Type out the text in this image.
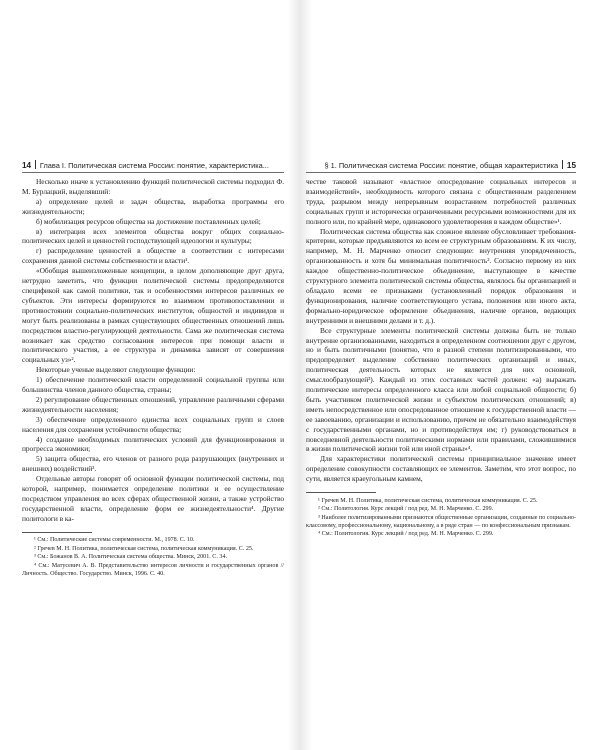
14 Глава I. Политическая система России: понятие, характеристика...

Несколько иначе к установлению функций политической системы подходил Ф. М. Бурлацкий, выделявший:

а) определение целей и задач общества, выработка программы его жизнедеятельности;

б) мобилизация ресурсов общества на достижение поставленных целей;

в) интеграция всех элементов общества вокруг общих социально-политических целей и ценностей господствующей идеологии и культуры;

г) распределение ценностей в обществе в соответствии с интересами сохранения данной системы собственности и власти¹.

«Обобщая вышеизложенные концепции, в целом дополняющие друг друга, нетрудно заметить, что функции политической системы предопределяются спецификой как самой политики, так и особенностями интересов различных ее субъектов. Эти интересы формируются во взаимном противопоставлении и противостоянии социально-политических институтов, общностей и индивидов и могут быть реализованы в рамках существующих общественных отношений лишь посредством властно-регулирующей деятельности. Сама же политическая система возникает как средство согласования интересов при помощи власти и политического участия, а ее структура и динамика зависят от совершения социальных уз»².

Некоторые ученые выделяют следующие функции:

1) обеспечение политической власти определенной социальной группы или большинства членов данного общества, страны;

2) регулирование общественных отношений, управление различными сферами жизнедеятельности населения;

3) обеспечение определенного единства всех социальных групп и слоев населения для сохранения устойчивости общества;

4) создание необходимых политических условий для функционирования и прогресса экономики;

5) защита общества, его членов от разного рода разрушающих (внутренних и внешних) воздействий³.

Отдельные авторы говорят об основной функции политической системы, под которой, например, понимается определение политики и ее осуществление посредством управления во всех сферах общественной жизни, а также устройство государственной власти, определение форм ее жизнедеятельности⁴. Другие политологи в ка-

¹ См.: Политические системы современности. М., 1978. С. 10.

² Гречев М. Н. Политика, политическая система, политическая коммуникация. С. 25.

³ См.: Божанов В. А. Политическая система общества. Минск, 2001. С. 34.

⁴ См.: Матусевич А. В. Представительство интересов личности и государственных органов // Личность. Общество. Государство. Минск, 1996. С. 40.

§ 1. Политическая система России: понятие, общая характеристика 15

честве таковой называют «властное опосредование социальных интересов и взаимодействий», необходимость которого связана с общественным разделением труда, разрывом между непрерывным возрастанием потребностей различных социальных групп и исторически ограниченными ресурсными возможностями для их полного или, по крайней мере, одинакового удовлетворения в каждом обществе»¹.

Политическая система общества как сложное явление обусловливает требования-критерии, которые предъявляются ко всем ее структурным образованиям. К их числу, например, М. Н. Марченко относит следующие: внутренняя упорядоченность, организованность и хотя бы минимальная политичность². Согласно первому из них каждое общественно-политическое объединение, выступающее в качестве структурного элемента политической системы общества, являлось бы организацией и обладало всеми ее признаками (установленный порядок образования и функционирования, наличие соответствующего устава, положения или иного акта, формально-юридическое оформление объединения, наличие органов, ведающих внутренними и внешними делами и т. д.).

Все структурные элементы политической системы должны быть не только внутренне организованными, находиться в определенном соотношении друг с другом, но и быть политичными (понятно, что в разной степени политизированными, что предопределяет выделение собственно политических организаций и иных, политическая деятельность которых не является для них основной, смыслообразующей³). Каждый из этих составных частей должен: «а) выражать политические интересы определенного класса или любой социальной общности; б) быть участником политической жизни и субъектом политических отношений; в) иметь непосредственное или опосредованное отношение к государственной власти — ее завоеванию, организации и использованию, причем не обязательно взаимодействуя с государственными органами, но и противодействуя им; г) руководствоваться в повседневной деятельности политическими нормами или правилами, сложившимися в жизни политической жизни той или иной страны»⁴.

Для характеристики политической системы принципиальное значение имеет определение совокупности составляющих ее элементов. Заметим, что этот вопрос, по сути, является краеугольным камнем,

¹ Гречев М. Н. Политика, политическая система, политическая коммуникация. С. 25.

² См.: Политология. Курс лекций / под ред. М. Н. Марченко. С. 299.

³ Наиболее политизированными признаются общественные организации, созданные по социально-классовому, профессиональному, национальному, а в ряде стран — по конфессиональным признакам.

⁴ См.: Политология. Курс лекций / под ред. М. Н. Марченко. С. 299.
